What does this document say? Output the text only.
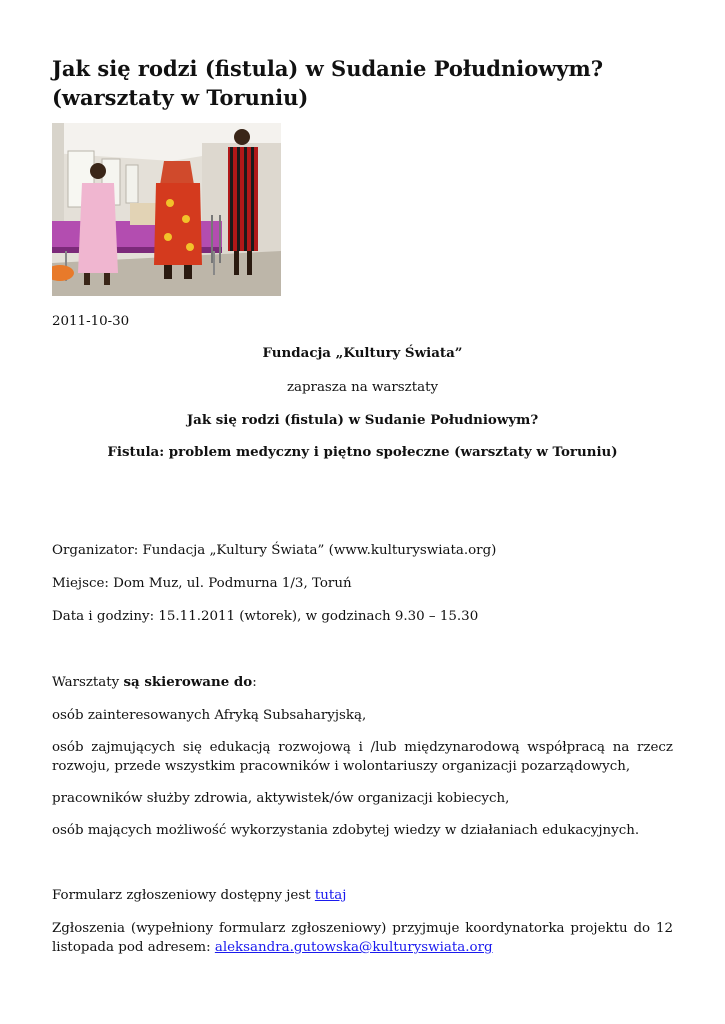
Jak się rodzi (fistula) w Sudanie Południowym? (warsztaty w Toruniu)

2011-10-30

Fundacja „Kultury Świata”

zaprasza na warsztaty

Jak się rodzi (fistula) w Sudanie Południowym?

Fistula: problem medyczny i piętno społeczne (warsztaty w Toruniu)

Organizator: Fundacja „Kultury Świata” (www.kulturyswiata.org)

Miejsce: Dom Muz, ul. Podmurna 1/3, Toruń

Data i godziny: 15.11.2011 (wtorek), w godzinach 9.30 – 15.30

Warsztaty są skierowane do:

osób zainteresowanych Afryką Subsaharyjską,

osób zajmujących się edukacją rozwojową i /lub międzynarodową współpracą na rzecz rozwoju, przede wszystkim pracowników i wolontariuszy organizacji pozarządowych,

pracowników służby zdrowia, aktywistek/ów organizacji kobiecych,

osób mających możliwość wykorzystania zdobytej wiedzy w działaniach edukacyjnych.

Formularz zgłoszeniowy dostępny jest tutaj

Zgłoszenia (wypełniony formularz zgłoszeniowy) przyjmuje koordynatorka projektu do 12 listopada pod adresem: aleksandra.gutowska@kulturyswiata.org
